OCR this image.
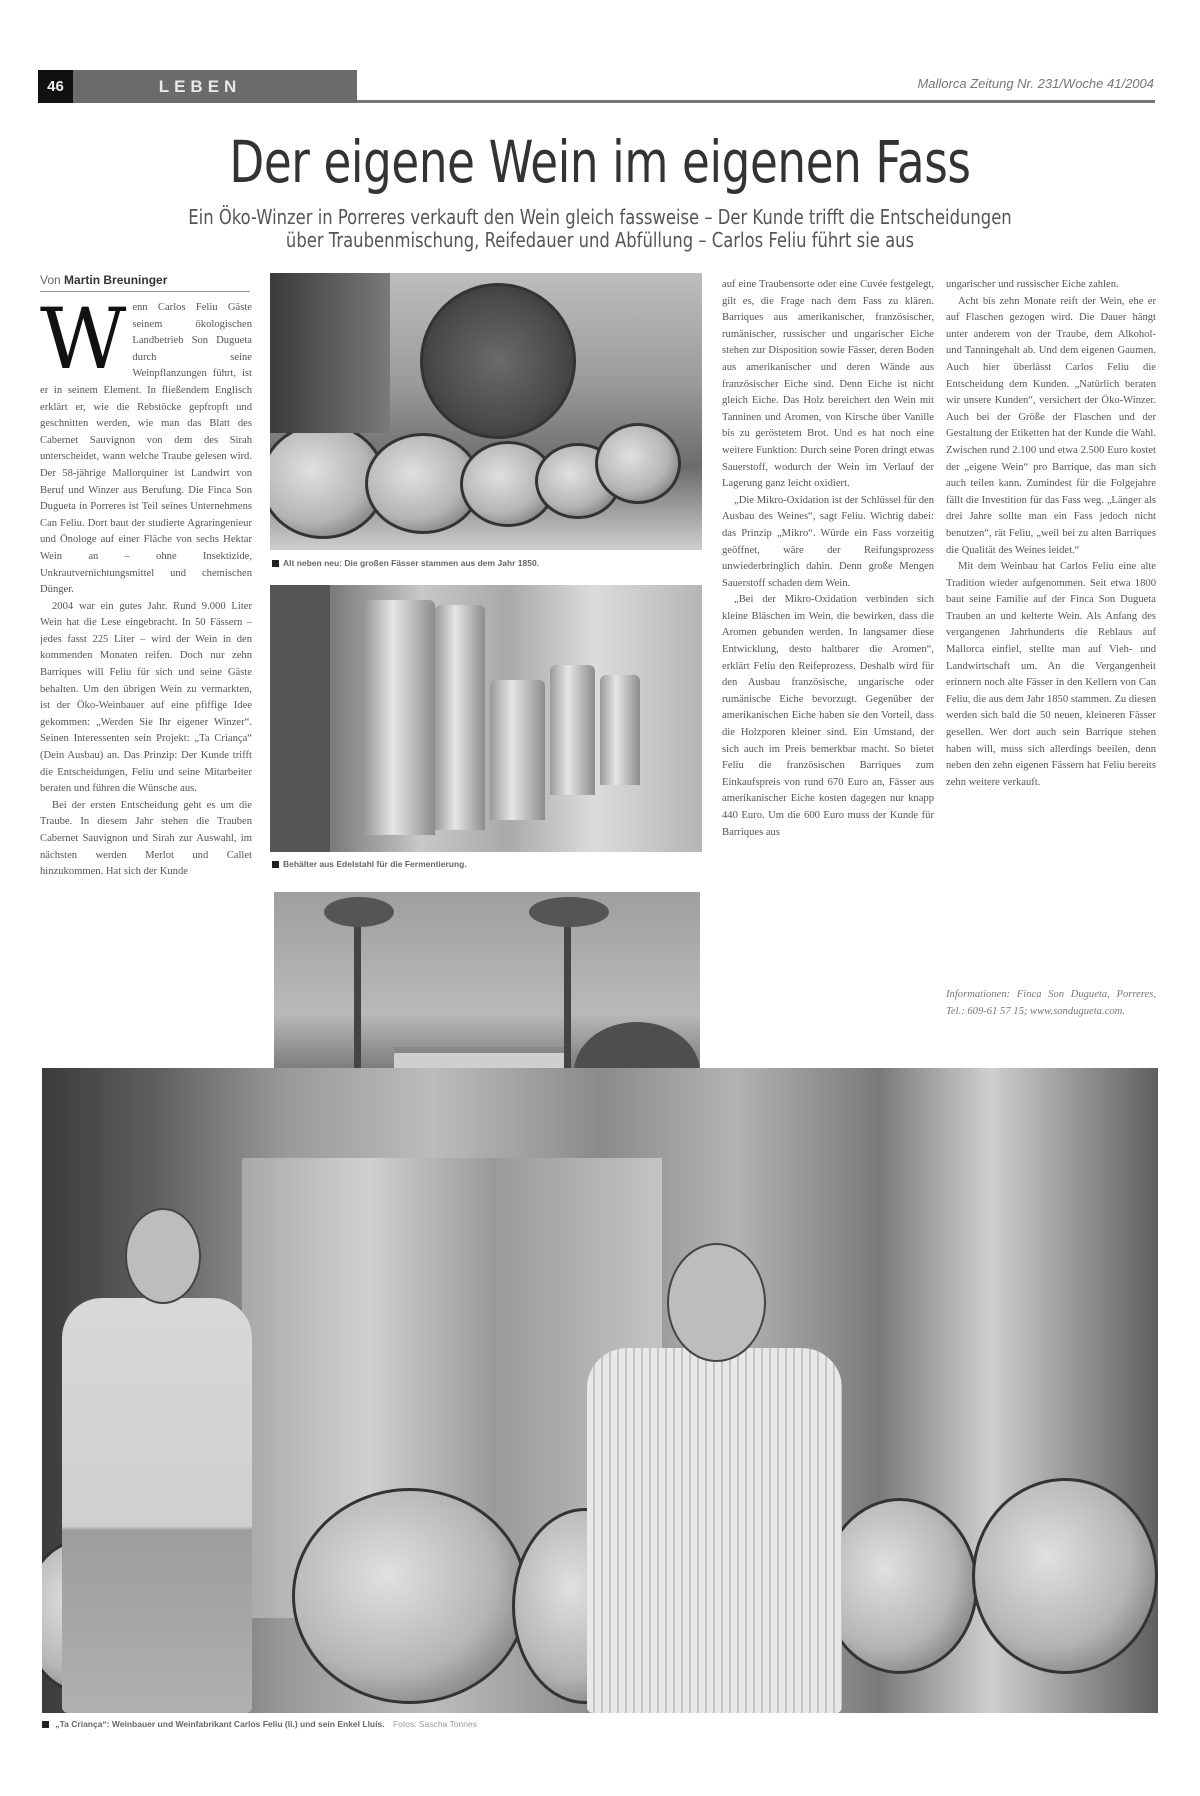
46	LEBEN	Mallorca Zeitung Nr. 231/Woche 41/2004
Der eigene Wein im eigenen Fass
Ein Öko-Winzer in Porreres verkauft den Wein gleich fassweise – Der Kunde trifft die Entscheidungen
über Traubenmischung, Reifedauer und Abfüllung – Carlos Feliu führt sie aus
Von Martin Breuninger
W enn Carlos Feliu Gäste seinem ökologischen Landbetrieb Son Dugueta durch seine Weinpflanzungen führt, ist er in seinem Element. In fließendem Englisch erklärt er, wie die Rebstöcke gepfropft und geschnitten werden, wie man das Blatt des Cabernet Sauvignon von dem des Sirah unterscheidet, wann welche Traube gelesen wird. Der 58-jährige Mallorquiner ist Landwirt von Beruf und Winzer aus Berufung. Die Finca Son Dugueta in Porreres ist Teil seines Unternehmens Can Feliu. Dort baut der studierte Agraringenieur und Önologe auf einer Fläche von sechs Hektar Wein an – ohne Insektizide, Unkrautvernichtungsmittel und chemischen Dünger.

2004 war ein gutes Jahr. Rund 9.000 Liter Wein hat die Lese eingebracht. In 50 Fässern – jedes fasst 225 Liter – wird der Wein in den kommenden Monaten reifen. Doch nur zehn Barriques will Feliu für sich und seine Gäste behalten. Um den übrigen Wein zu vermarkten, ist der Öko-Weinbauer auf eine pfiffige Idee gekommen: „Werden Sie Ihr eigener Winzer“. Seinen Interessenten sein Projekt: „Ta Criança“ (Dein Ausbau) an. Das Prinzip: Der Kunde trifft die Entscheidungen, Feliu und seine Mitarbeiter beraten und führen die Wünsche aus.

Bei der ersten Entscheidung geht es um die Traube. In diesem Jahr stehen die Trauben Cabernet Sauvignon und Sirah zur Auswahl, im nächsten werden Merlot und Callet hinzukommen. Hat sich der Kunde

Alt neben neu: Die großen Fässer stammen aus dem Jahr 1850.
Behälter aus Edelstahl für die Fermentierung.

auf eine Traubensorte oder eine Cuvée festgelegt, gilt es, die Frage nach dem Fass zu klären. Barriques aus amerikanischer, französischer, rumänischer, russischer und ungarischer Eiche stehen zur Disposition sowie Fässer, deren Boden aus amerikanischer und deren Wände aus französischer Eiche sind. Denn Eiche ist nicht gleich Eiche. Das Holz bereichert den Wein mit Tanninen und Aromen, von Kirsche über Vanille bis zu geröstetem Brot. Und es hat noch eine weitere Funktion: Durch seine Poren dringt etwas Sauerstoff, wodurch der Wein im Verlauf der Lagerung ganz leicht oxidiert.

„Die Mikro-Oxidation ist der Schlüssel für den Ausbau des Weines“, sagt Feliu. Wichtig dabei: das Prinzip „Mikro“. Würde ein Fass vorzeitig geöffnet, wäre der Reifungsprozess unwiederbringlich dahin. Denn große Mengen Sauerstoff schaden dem Wein.

„Bei der Mikro-Oxidation verbinden sich kleine Bläschen im Wein, die bewirken, dass die Aromen gebunden werden. In langsamer diese Entwicklung, desto haltbarer die Aromen“, erklärt Feliu den Reifeprozess. Deshalb wird für den Ausbau französische, ungarische oder rumänische Eiche bevorzugt. Gegenüber der amerikanischen Eiche haben sie den Vorteil, dass die Holzporen kleiner sind. Ein Umstand, der sich auch im Preis bemerkbar macht. So bietet Feliu die französischen Barriques zum Einkaufspreis von rund 670 Euro an, Fässer aus amerikanischer Eiche kosten dagegen nur knapp 440 Euro. Um die 600 Euro muss der Kunde für Barriques aus

ungarischer und russischer Eiche zahlen.

Acht bis zehn Monate reift der Wein, ehe er auf Flaschen gezogen wird. Die Dauer hängt unter anderem von der Traube, dem Alkohol- und Tanningehalt ab. Und dem eigenen Gaumen. Auch hier überlässt Carlos Feliu die Entscheidung dem Kunden. „Natürlich beraten wir unsere Kunden“, versichert der Öko-Winzer. Auch bei der Größe der Flaschen und der Gestaltung der Etiketten hat der Kunde die Wahl. Zwischen rund 2.100 und etwa 2.500 Euro kostet der „eigene Wein“ pro Barrique, das man sich auch teilen kann. Zumindest für die Folgejahre fällt die Investition für das Fass weg. „Länger als drei Jahre sollte man ein Fass jedoch nicht benutzen“, rät Feliu, „weil bei zu alten Barriques die Qualität des Weines leidet.“

Mit dem Weinbau hat Carlos Feliu eine alte Tradition wieder aufgenommen. Seit etwa 1800 baut seine Familie auf der Finca Son Dugueta Trauben an und kelterte Wein. Als Anfang des vergangenen Jahrhunderts die Reblaus auf Mallorca einfiel, stellte man auf Vieh- und Landwirtschaft um. An die Vergangenheit erinnern noch alte Fässer in den Kellern von Can Feliu, die aus dem Jahr 1850 stammen. Zu diesen werden sich bald die 50 neuen, kleineren Fässer gesellen. Wer dort auch sein Barrique stehen haben will, muss sich allerdings beeilen, denn neben den zehn eigenen Fässern hat Feliu bereits zehn weitere verkauft.

Informationen: Finca Son Dugueta, Porreres, Tel.: 609-61 57 15; www.sondugueta.com.
„Ta Criança“: Weinbauer und Weinfabrikant Carlos Feliu (li.) und sein Enkel Lluís. Fotos: Sascha Tonnes
